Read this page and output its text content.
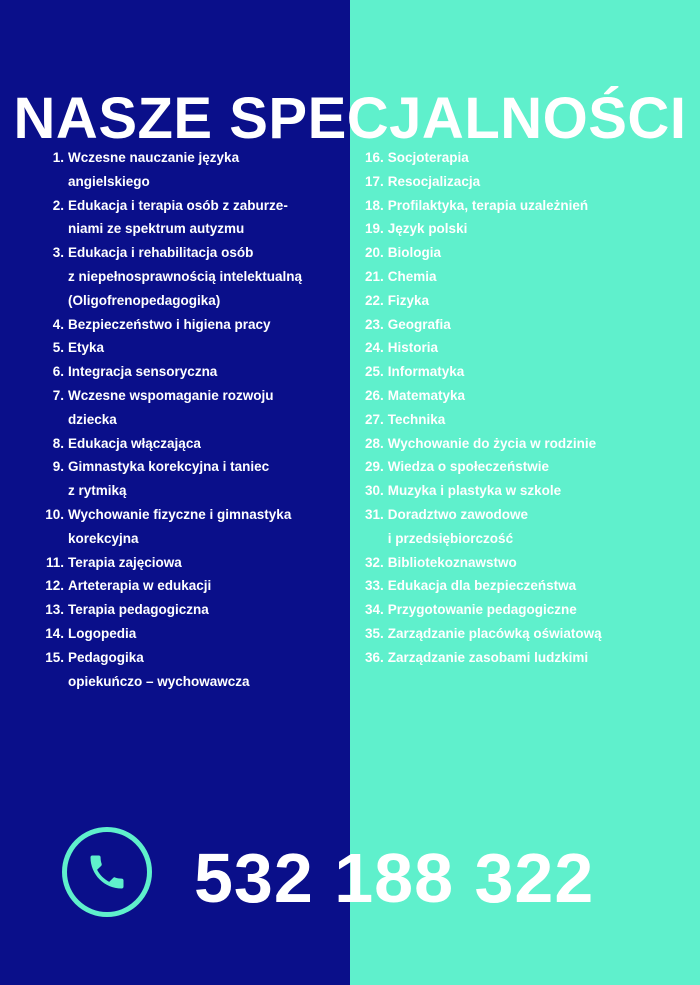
NASZE SPECJALNOŚCI
1. Wczesne nauczanie języka
angielskiego
2. Edukacja i terapia osób z zaburze-
niami ze spektrum autyzmu
3. Edukacja i rehabilitacja osób
z niepełnosprawnością intelektualną
(Oligofrenopedagogika)
4. Bezpieczeństwo i higiena pracy
5. Etyka
6. Integracja sensoryczna
7. Wczesne wspomaganie rozwoju
dziecka
8. Edukacja włączająca
9. Gimnastyka korekcyjna i taniec
z rytmiką
10. Wychowanie fizyczne i gimnastyka
korekcyjna
11. Terapia zajęciowa
12. Arteterapia w edukacji
13. Terapia pedagogiczna
14. Logopedia
15. Pedagogika
opiekuńczo – wychowawcza
16. Socjoterapia
17. Resocjalizacja
18. Profilaktyka, terapia uzależnień
19. Język polski
20. Biologia
21. Chemia
22. Fizyka
23. Geografia
24. Historia
25. Informatyka
26. Matematyka
27. Technika
28. Wychowanie do życia w rodzinie
29. Wiedza o społeczeństwie
30. Muzyka i plastyka w szkole
31. Doradztwo zawodowe
i przedsiębiorczość
32. Bibliotekoznawstwo
33. Edukacja dla bezpieczeństwa
34. Przygotowanie pedagogiczne
35. Zarządzanie placówką oświatową
36. Zarządzanie zasobami ludzkimi
532 188 322
